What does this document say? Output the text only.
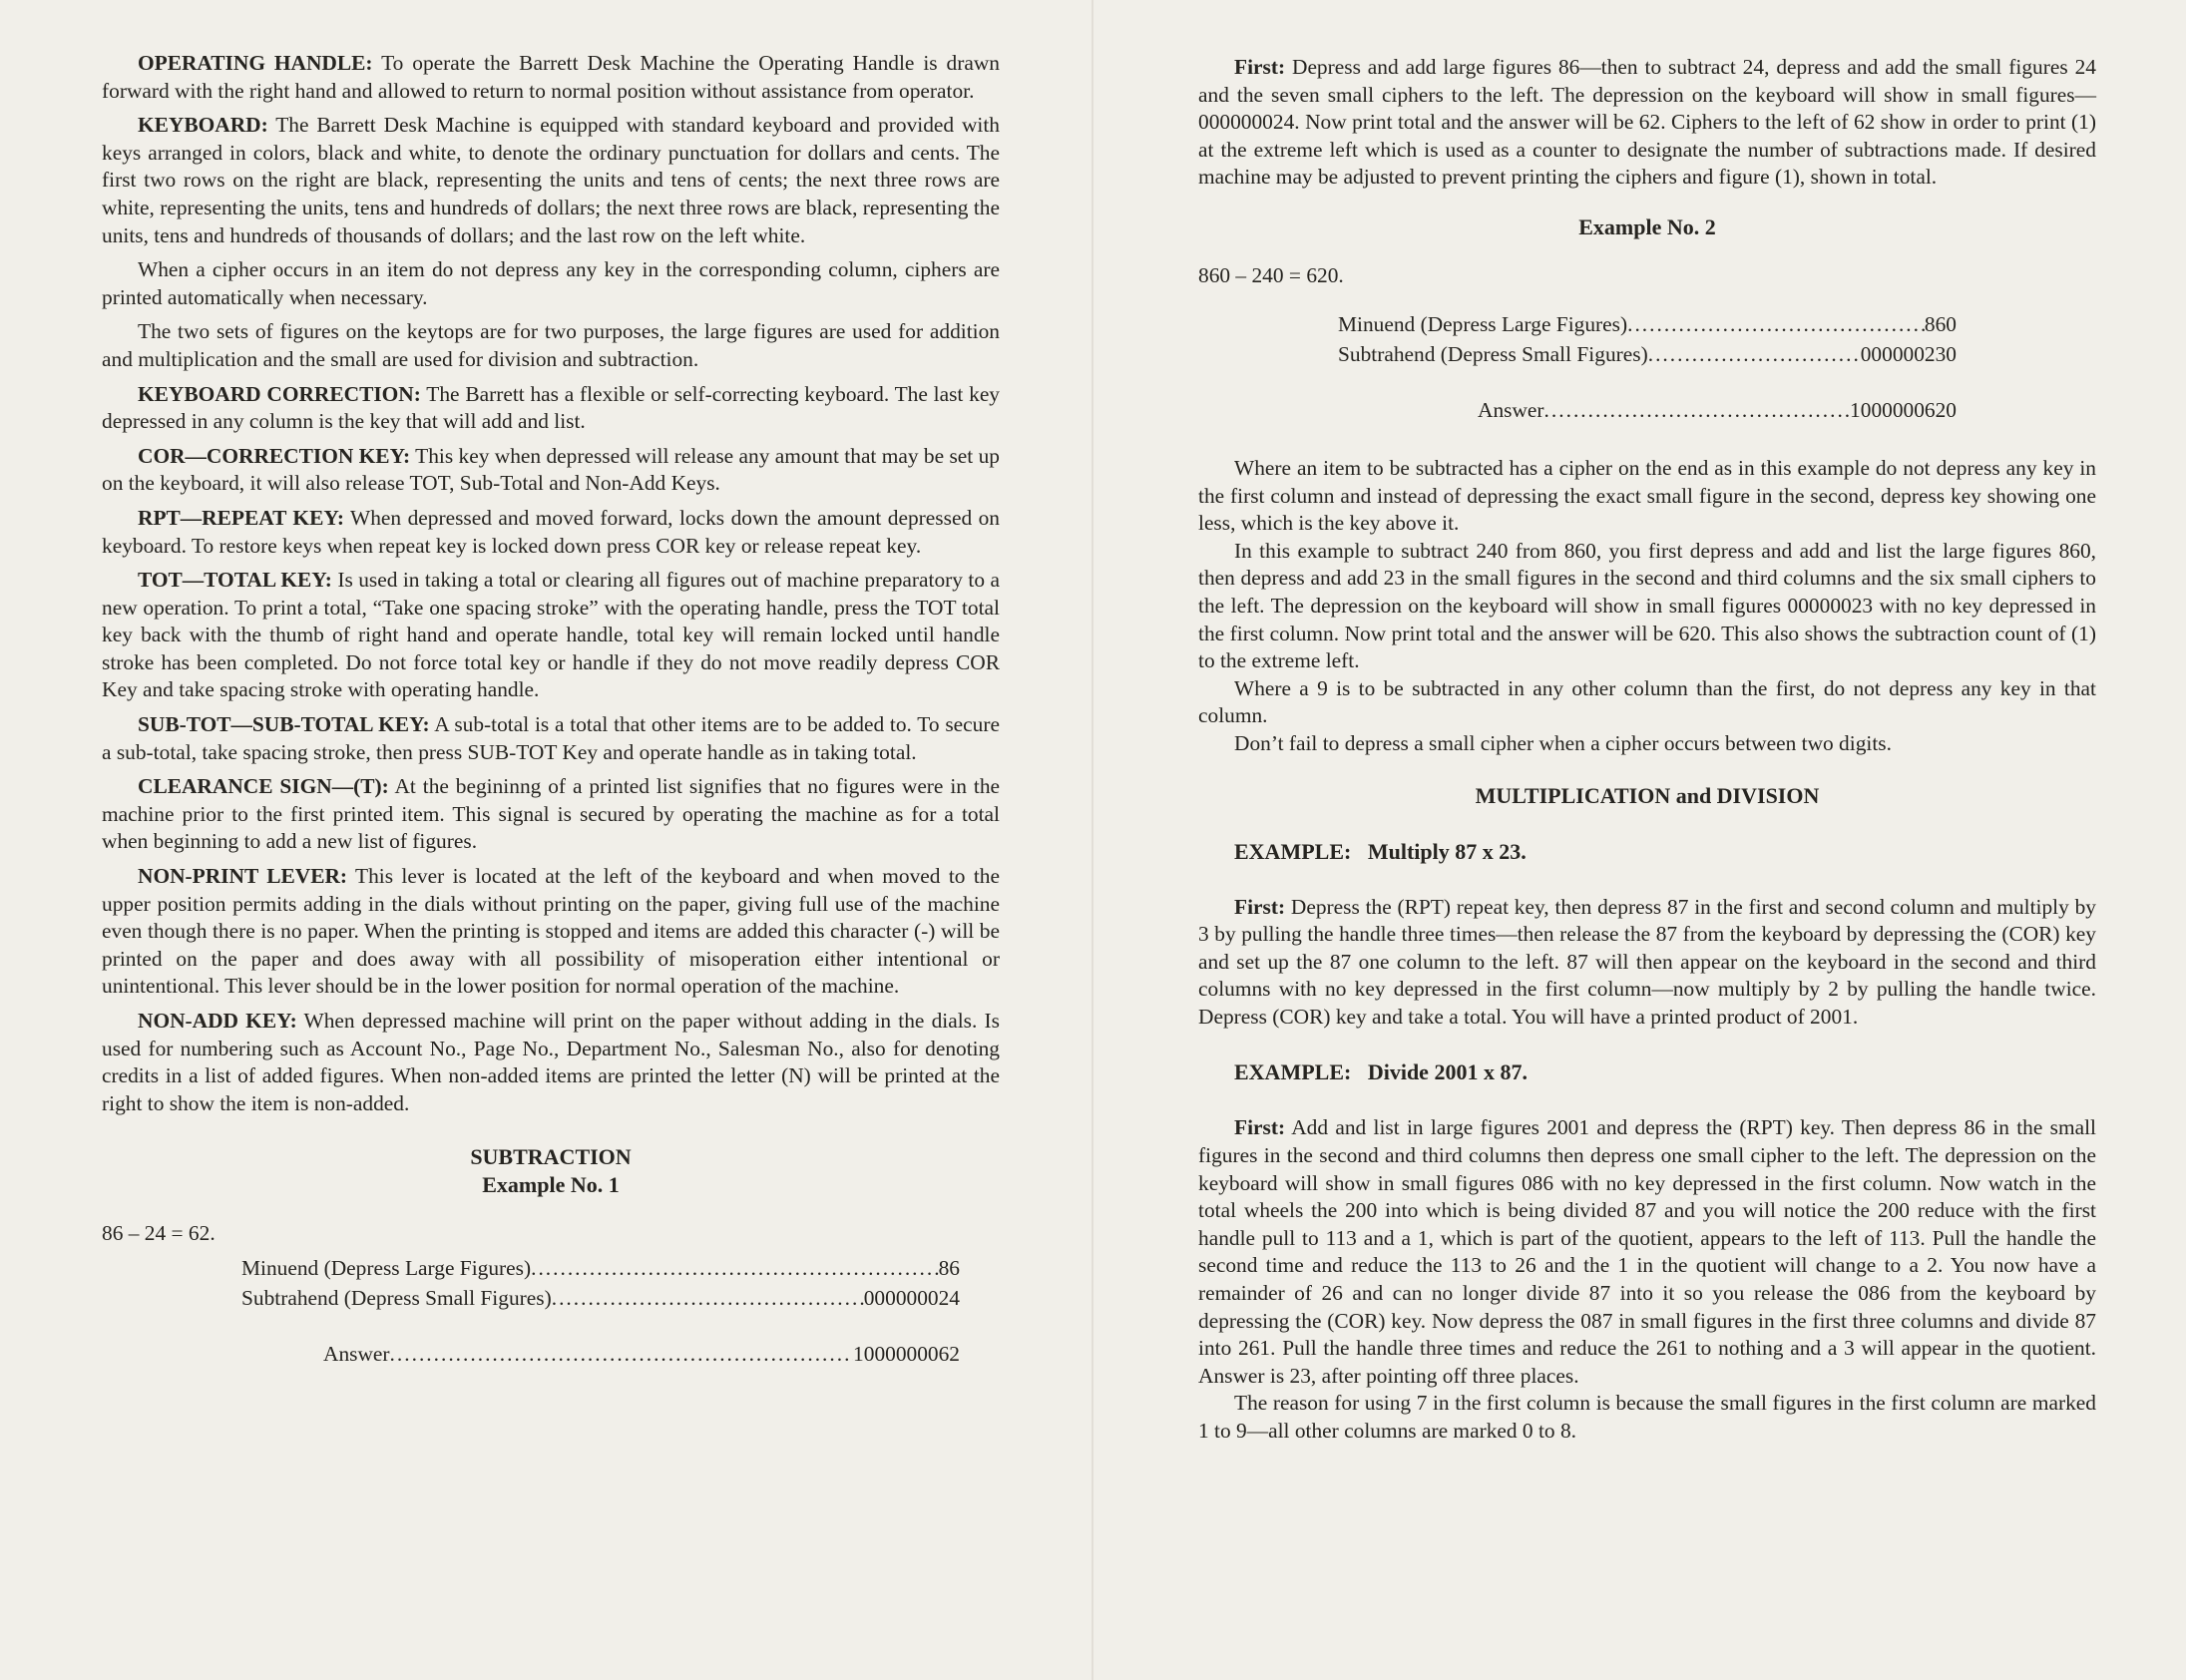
OPERATING HANDLE: To operate the Barrett Desk Machine the Operating Handle is drawn forward with the right hand and allowed to return to normal position without assistance from operator.

KEYBOARD: The Barrett Desk Machine is equipped with standard keyboard and provided with keys arranged in colors, black and white, to denote the ordinary punctuation for dollars and cents. The first two rows on the right are black, representing the units and tens of cents; the next three rows are white, representing the units, tens and hundreds of dollars; the next three rows are black, representing the units, tens and hundreds of thousands of dollars; and the last row on the left white.

When a cipher occurs in an item do not depress any key in the corresponding column, ciphers are printed automatically when necessary.

The two sets of figures on the keytops are for two purposes, the large figures are used for addition and multiplication and the small are used for division and subtraction.

KEYBOARD CORRECTION: The Barrett has a flexible or self-correcting keyboard. The last key depressed in any column is the key that will add and list.

COR—CORRECTION KEY: This key when depressed will release any amount that may be set up on the keyboard, it will also release TOT, Sub-Total and Non-Add Keys.

RPT—REPEAT KEY: When depressed and moved forward, locks down the amount depressed on keyboard. To restore keys when repeat key is locked down press COR key or release repeat key.

TOT—TOTAL KEY: Is used in taking a total or clearing all figures out of machine preparatory to a new operation. To print a total, “Take one spacing stroke” with the operating handle, press the TOT total key back with the thumb of right hand and operate handle, total key will remain locked until handle stroke has been completed. Do not force total key or handle if they do not move readily depress COR Key and take spacing stroke with operating handle.

SUB-TOT—SUB-TOTAL KEY: A sub-total is a total that other items are to be added to. To secure a sub-total, take spacing stroke, then press SUB-TOT Key and operate handle as in taking total.

CLEARANCE SIGN—(T): At the begininng of a printed list signifies that no figures were in the machine prior to the first printed item. This signal is secured by operating the machine as for a total when beginning to add a new list of figures.

NON-PRINT LEVER: This lever is located at the left of the keyboard and when moved to the upper position permits adding in the dials without printing on the paper, giving full use of the machine even though there is no paper. When the printing is stopped and items are added this character (-) will be printed on the paper and does away with all possibility of misoperation either intentional or unintentional. This lever should be in the lower position for normal operation of the machine.

NON-ADD KEY: When depressed machine will print on the paper without adding in the dials. Is used for numbering such as Account No., Page No., Department No., Salesman No., also for denoting credits in a list of added figures. When non-added items are printed the letter (N) will be printed at the right to show the item is non-added.

SUBTRACTION
Example No. 1
86 – 24 = 62.
Minuend (Depress Large Figures) .....	86
Subtrahend (Depress Small Figures) .....	000000024
Answer .....	1000000062

First: Depress and add large figures 86—then to subtract 24, depress and add the small figures 24 and the seven small ciphers to the left. The depression on the keyboard will show in small figures—000000024. Now print total and the answer will be 62. Ciphers to the left of 62 show in order to print (1) at the extreme left which is used as a counter to designate the number of subtractions made. If desired machine may be adjusted to prevent printing the ciphers and figure (1), shown in total.

Example No. 2
860 – 240 = 620.
Minuend (Depress Large Figures) .....	860
Subtrahend (Depress Small Figures) .....	000000230
Answer .....	1000000620

Where an item to be subtracted has a cipher on the end as in this example do not depress any key in the first column and instead of depressing the exact small figure in the second, depress key showing one less, which is the key above it.

In this example to subtract 240 from 860, you first depress and add and list the large figures 860, then depress and add 23 in the small figures in the second and third columns and the six small ciphers to the left. The depression on the keyboard will show in small figures 00000023 with no key depressed in the first column. Now print total and the answer will be 620. This also shows the subtraction count of (1) to the extreme left.

Where a 9 is to be subtracted in any other column than the first, do not depress any key in that column.

Don’t fail to depress a small cipher when a cipher occurs between two digits.

MULTIPLICATION and DIVISION
EXAMPLE:   Multiply 87 x 23.

First: Depress the (RPT) repeat key, then depress 87 in the first and second column and multiply by 3 by pulling the handle three times—then release the 87 from the keyboard by depressing the (COR) key and set up the 87 one column to the left. 87 will then appear on the keyboard in the second and third columns with no key depressed in the first column—now multiply by 2 by pulling the handle twice. Depress (COR) key and take a total. You will have a printed product of 2001.

EXAMPLE:   Divide 2001 x 87.

First: Add and list in large figures 2001 and depress the (RPT) key. Then depress 86 in the small figures in the second and third columns then depress one small cipher to the left. The depression on the keyboard will show in small figures 086 with no key depressed in the first column. Now watch in the total wheels the 200 into which is being divided 87 and you will notice the 200 reduce with the first handle pull to 113 and a 1, which is part of the quotient, appears to the left of 113. Pull the handle the second time and reduce the 113 to 26 and the 1 in the quotient will change to a 2. You now have a remainder of 26 and can no longer divide 87 into it so you release the 086 from the keyboard by depressing the (COR) key. Now depress the 087 in small figures in the first three columns and divide 87 into 261. Pull the handle three times and reduce the 261 to nothing and a 3 will appear in the quotient. Answer is 23, after pointing off three places.

The reason for using 7 in the first column is because the small figures in the first column are marked 1 to 9—all other columns are marked 0 to 8.
